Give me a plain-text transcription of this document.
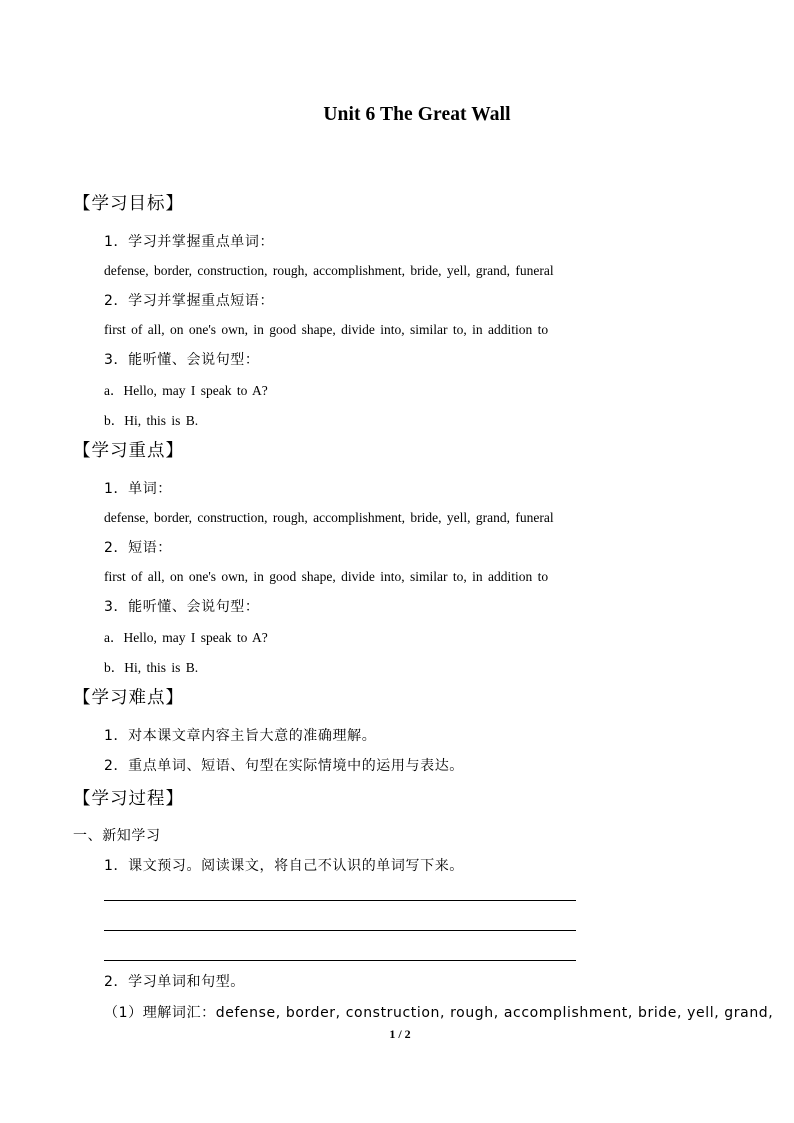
Unit 6 The Great Wall
【学习目标】
1．学习并掌握重点单词：
defense, border, construction, rough, accomplishment, bride, yell, grand, funeral
2．学习并掌握重点短语：
first of all, on one's own, in good shape, divide into, similar to, in addition to
3．能听懂、会说句型：
a．Hello, may I speak to A?
b．Hi, this is B.
【学习重点】
1．单词：
defense, border, construction, rough, accomplishment, bride, yell, grand, funeral
2．短语：
first of all, on one's own, in good shape, divide into, similar to, in addition to
3．能听懂、会说句型：
a．Hello, may I speak to A?
b．Hi, this is B.
【学习难点】
1．对本课文章内容主旨大意的准确理解。
2．重点单词、短语、句型在实际情境中的运用与表达。
【学习过程】
一、新知学习
1．课文预习。阅读课文，将自己不认识的单词写下来。
2．学习单词和句型。
（1）理解词汇：defense, border, construction, rough, accomplishment, bride, yell, grand,
1 / 2
